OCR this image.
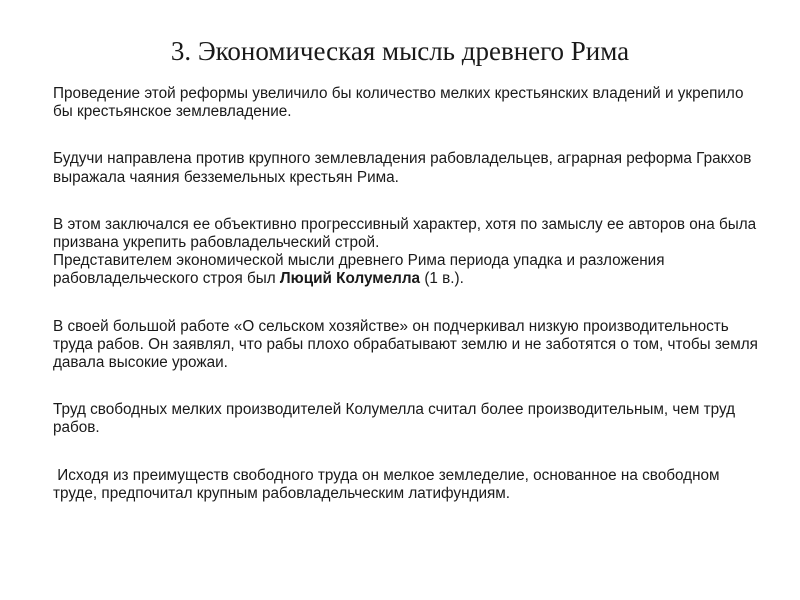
3. Экономическая мысль древнего Рима

Проведение этой реформы увеличило бы количество мелких крестьянских владений и укрепило бы крестьянское землевладение.

Будучи направлена против крупного землевладения рабовладельцев, аграрная реформа Гракхов выражала чаяния безземельных крестьян Рима.

В этом заключался ее объективно прогрессивный характер, хотя по замыслу ее авторов она была призвана укрепить рабовладельческий строй.

Представителем экономической мысли древнего Рима периода упадка и разложения рабовладельческого строя был Люций Колумелла (1 в.).

В своей большой работе «О сельском хозяйстве» он подчеркивал низкую производительность труда рабов. Он заявлял, что рабы плохо обрабатывают землю и не заботятся о том, чтобы земля давала высокие урожаи.

Труд свободных мелких производителей Колумелла считал более производительным, чем труд рабов.

Исходя из преимуществ свободного труда он мелкое земледелие, основанное на свободном труде, предпочитал крупным рабовладельческим латифундиям.
